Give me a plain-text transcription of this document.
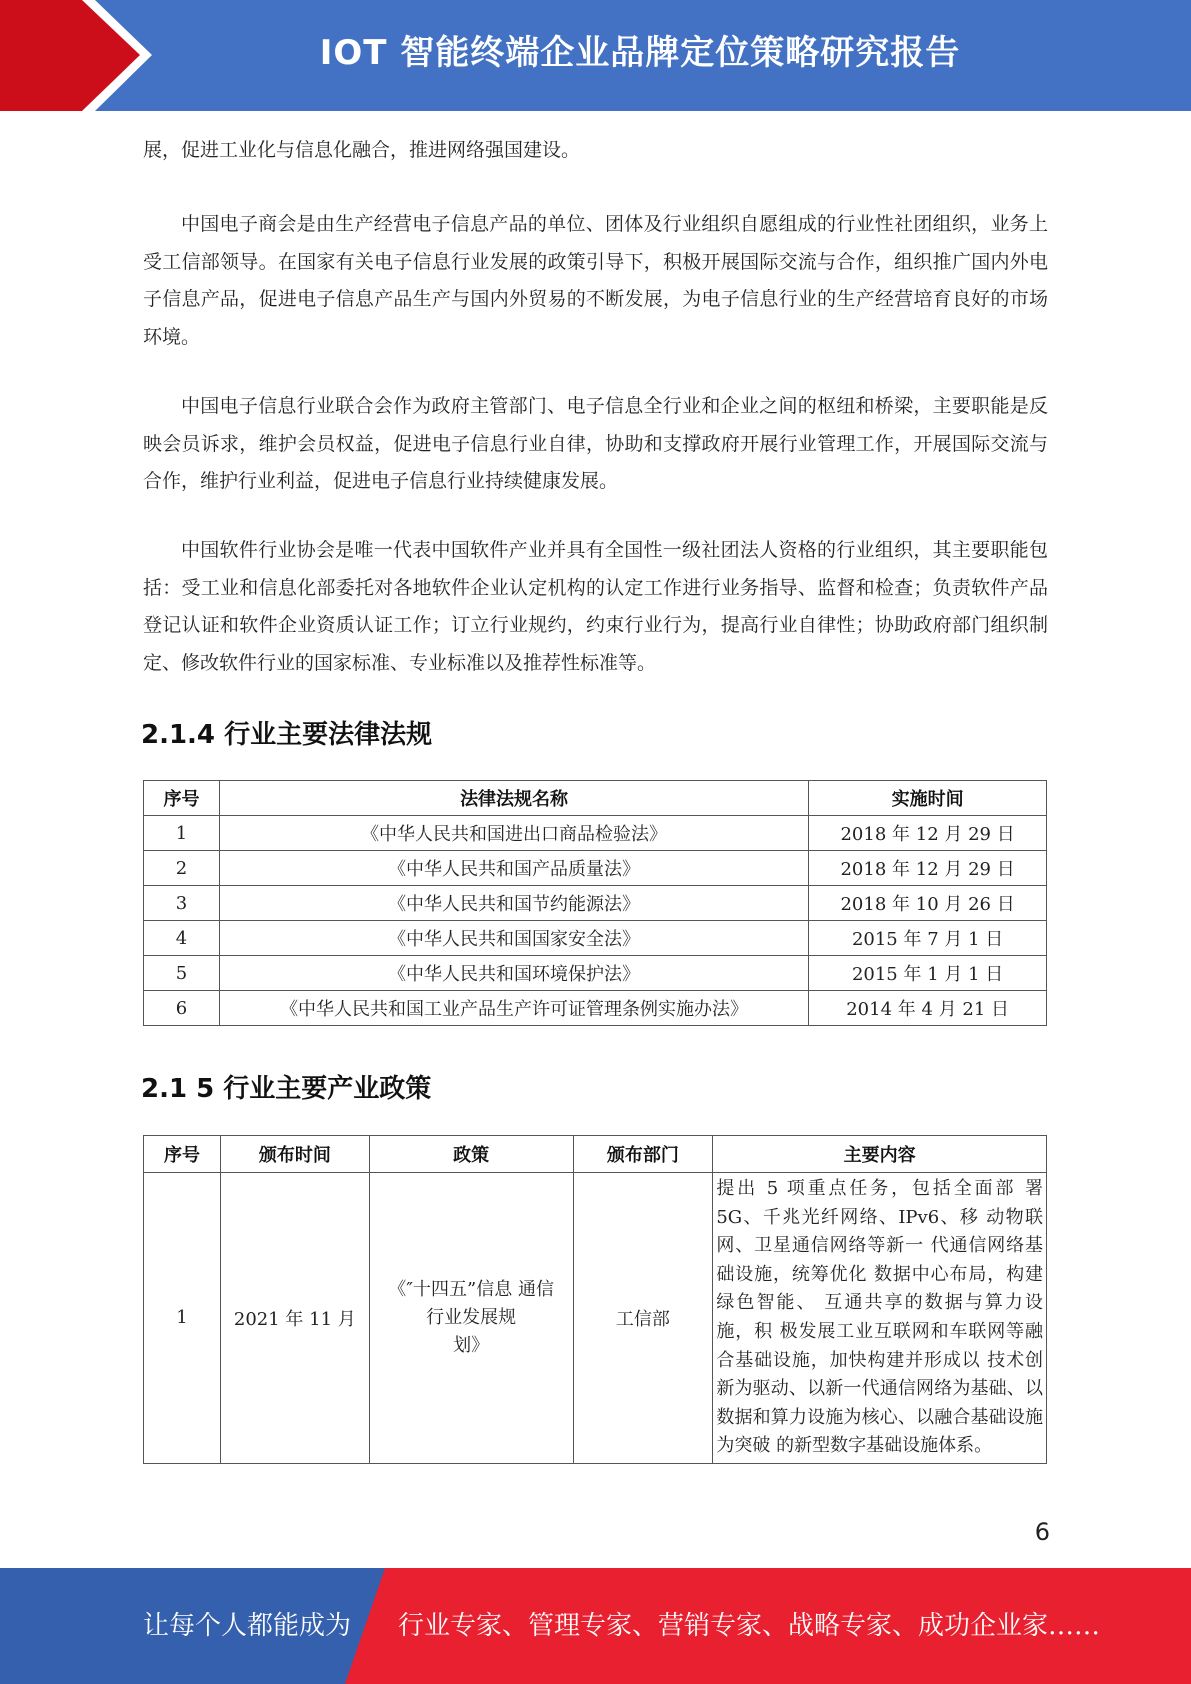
IOT 智能终端企业品牌定位策略研究报告

展，促进工业化与信息化融合，推进网络强国建设。

中国电子商会是由生产经营电子信息产品的单位、团体及行业组织自愿组成的行业性社团组织，业务上受工信部领导。在国家有关电子信息行业发展的政策引导下，积极开展国际交流与合作，组织推广国内外电子信息产品，促进电子信息产品生产与国内外贸易的不断发展，为电子信息行业的生产经营培育良好的市场环境。

中国电子信息行业联合会作为政府主管部门、电子信息全行业和企业之间的枢纽和桥梁，主要职能是反映会员诉求，维护会员权益，促进电子信息行业自律，协助和支撑政府开展行业管理工作，开展国际交流与合作，维护行业利益，促进电子信息行业持续健康发展。

中国软件行业协会是唯一代表中国软件产业并具有全国性一级社团法人资格的行业组织，其主要职能包括：受工业和信息化部委托对各地软件企业认定机构的认定工作进行业务指导、监督和检查；负责软件产品登记认证和软件企业资质认证工作；订立行业规约，约束行业行为，提高行业自律性；协助政府部门组织制定、修改软件行业的国家标准、专业标准以及推荐性标准等。

2.1.4 行业主要法律法规
序号	法律法规名称	实施时间
1	《中华人民共和国进出口商品检验法》	2018 年 12 月 29 日
2	《中华人民共和国产品质量法》	2018 年 12 月 29 日
3	《中华人民共和国节约能源法》	2018 年 10 月 26 日
4	《中华人民共和国国家安全法》	2015 年 7 月 1 日
5	《中华人民共和国环境保护法》	2015 年 1 月 1 日
6	《中华人民共和国工业产品生产许可证管理条例实施办法》	2014 年 4 月 21 日
2.1 5 行业主要产业政策
序号	颁布时间	政策	颁布部门	主要内容
1	2021 年 11 月	《″十四五”信息 通信
行业发展规
划》	工信部	提出 5 项重点任务，包括全面部 署 5G、千兆光纤网络、IPv6、移 动物联网、卫星通信网络等新一 代通信网络基础设施，统筹优化 数据中心布局，构建绿色智能、 互通共享的数据与算力设施，积 极发展工业互联网和车联网等融 合基础设施，加快构建并形成以 技术创新为驱动、以新一代通信网络为基础、以数据和算力设施为核心、以融合基础设施为突破 的新型数字基础设施体系。
6
让每个人都能成为 行业专家、管理专家、营销专家、战略专家、成功企业家……
